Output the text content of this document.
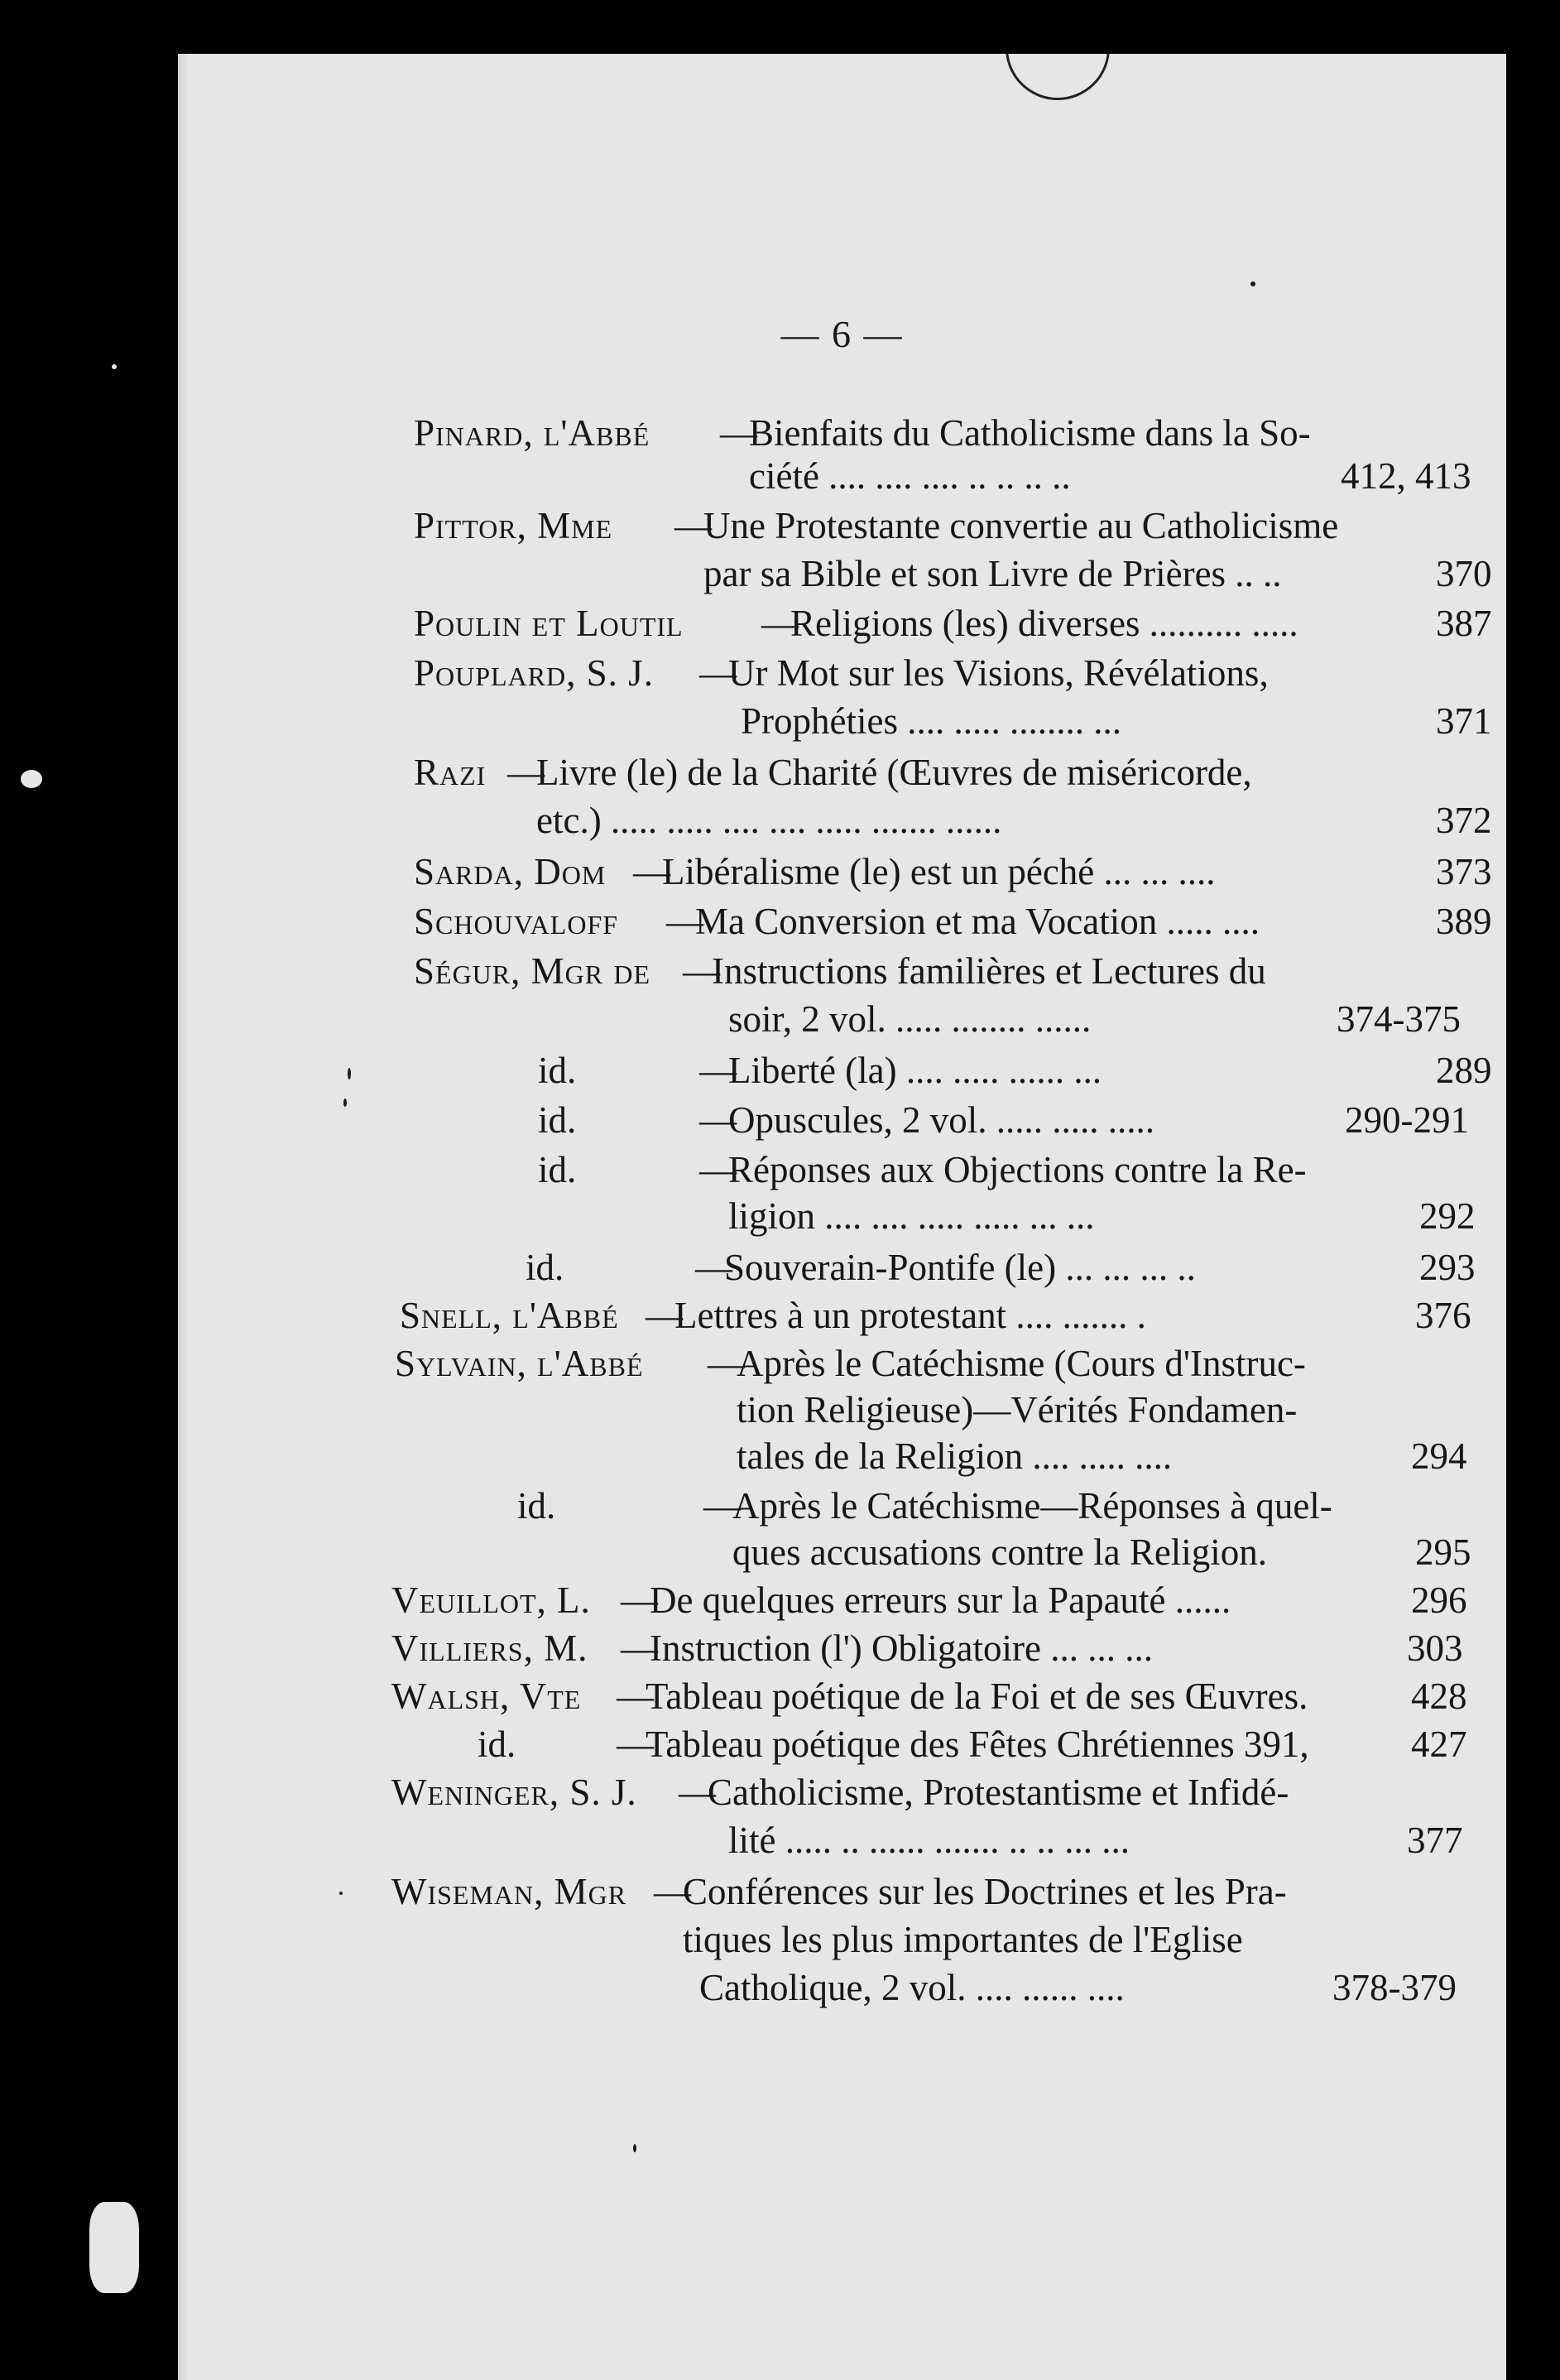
— 6 —
Pinard, l'Abbé —
Bienfaits du Catholicisme dans la So-
ciété .... .... .... .. .. .. ..	412, 413
Pittor, Mme —
Une Protestante convertie au Catholicisme
par sa Bible et son Livre de Prières .. ..	370
Poulin et Loutil —
Religions (les) diverses .......... .....	387
Pouplard, S. J. —
Ur Mot sur les Visions, Révélations,
Prophéties .... ..... ........ ...	371
Razi —
Livre (le) de la Charité (Œuvres de miséricorde,
etc.) ..... ..... .... .... ..... ....... ......	372
Sarda, Dom —
Libéralisme (le) est un péché ... ... ....	373
Schouvaloff —
Ma Conversion et ma Vocation ..... ....	389
Ségur, Mgr de —
Instructions familières et Lectures du
soir, 2 vol. ..... ........ ......	374-375
id.	—
Liberté (la) .... ..... ...... ...	289
id.	—
Opuscules, 2 vol. ..... ..... .....	290-291
id.	—
Réponses aux Objections contre la Re-
ligion .... .... ..... ..... ... ...	292
id.	—
Souverain-Pontife (le) ... ... ... ..	293
Snell, l'Abbé —
Lettres à un protestant .... ....... .	376
Sylvain, l'Abbé —
Après le Catéchisme (Cours d'Instruc-
tion Religieuse)—Vérités Fondamen-
tales de la Religion .... ..... ....	294
id.	—
Après le Catéchisme—Réponses à quel-
ques accusations contre la Religion.	295
Veuillot, L. —
De quelques erreurs sur la Papauté ......	296
Villiers, M. —
Instruction (l') Obligatoire ... ... ...	303
Walsh, Vte —
Tableau poétique de la Foi et de ses Œuvres.	428
id.	—
Tableau poétique des Fêtes Chrétiennes 391,	427
Weninger, S. J. —
Catholicisme, Protestantisme et Infidé-
lité ..... .. ...... ....... .. .. ... ...	377
Wiseman, Mgr —
Conférences sur les Doctrines et les Pra-
tiques les plus importantes de l'Eglise
Catholique, 2 vol. .... ...... ....	378-379
